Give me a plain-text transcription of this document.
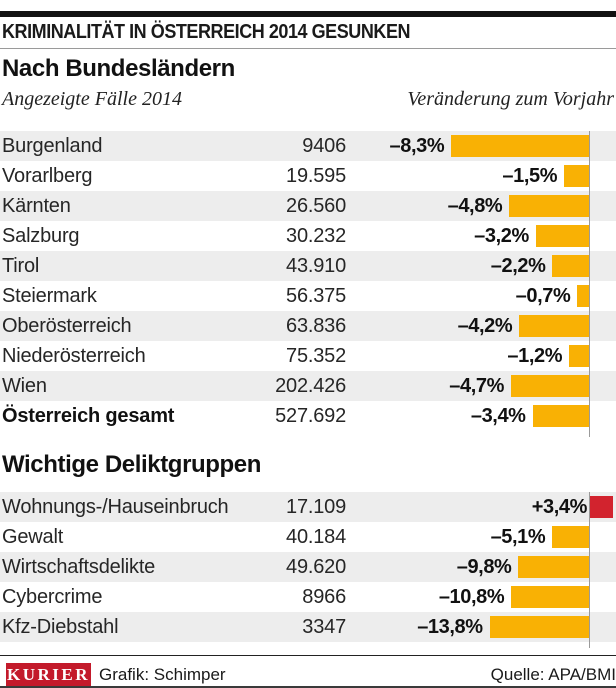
KRIMINALITÄT IN ÖSTERREICH 2014 GESUNKEN
Nach Bundesländern
Angezeigte Fälle 2014	Veränderung zum Vorjahr
Burgenland	9406 –8,3%
Vorarlberg	19.595	–1,5%
Kärnten	26.560	–4,8%
Salzburg	30.232	–3,2%
Tirol	43.910	–2,2%
Steiermark	56.375	–0,7%
Oberösterreich	63.836	–4,2%
Niederösterreich	75.352	–1,2%
Wien	202.426	–4,7%
Österreich gesamt	527.692	–3,4%
Wichtige Deliktgruppen
Wohnungs-/Hauseinbruch	17.109	+3,4%
Gewalt	40.184	–5,1%
Wirtschaftsdelikte	49.620	–9,8%
Cybercrime	8966	–10,8%
Kfz-Diebstahl	3347	–13,8%
KURIER Grafik: Schimper	Quelle: APA/BMI
